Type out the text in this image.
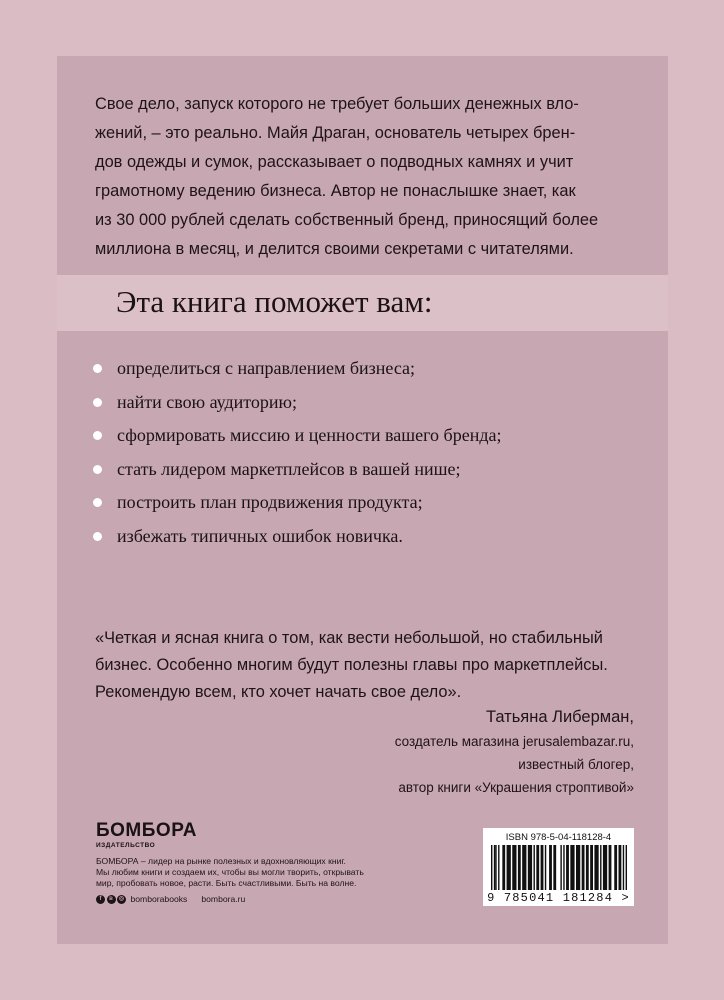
Свое дело, запуск которого не требует больших денежных вло-
жений, – это реально. Майя Драган, основатель четырех брен-
дов одежды и сумок, рассказывает о подводных камнях и учит
грамотному ведению бизнеса. Автор не понаслышке знает, как
из 30 000 рублей сделать собственный бренд, приносящий более
миллиона в месяц, и делится своими секретами с читателями.
Эта книга поможет вам:
определиться с направлением бизнеса;
найти свою аудиторию;
сформировать миссию и ценности вашего бренда;
стать лидером маркетплейсов в вашей нише;
построить план продвижения продукта;
избежать типичных ошибок новичка.
«Четкая и ясная книга о том, как вести небольшой, но стабильный
бизнес. Особенно многим будут полезны главы про маркетплейсы.
Рекомендую всем, кто хочет начать свое дело».
Татьяна Либерман,
создатель магазина jerusalembazar.ru,
известный блогер,
автор книги «Украшения строптивой»
БОМБОРА
ИЗДАТЕЛЬСТВО
БОМБОРА – лидер на рынке полезных и вдохновляющих книг.
Мы любим книги и создаем их, чтобы вы могли творить, открывать
мир, пробовать новое, расти. Быть счастливыми. Быть на волне.
f	в	◎ bomborabooks bombora.ru
ISBN 978-5-04-118128-4
9 785041 181284 >
